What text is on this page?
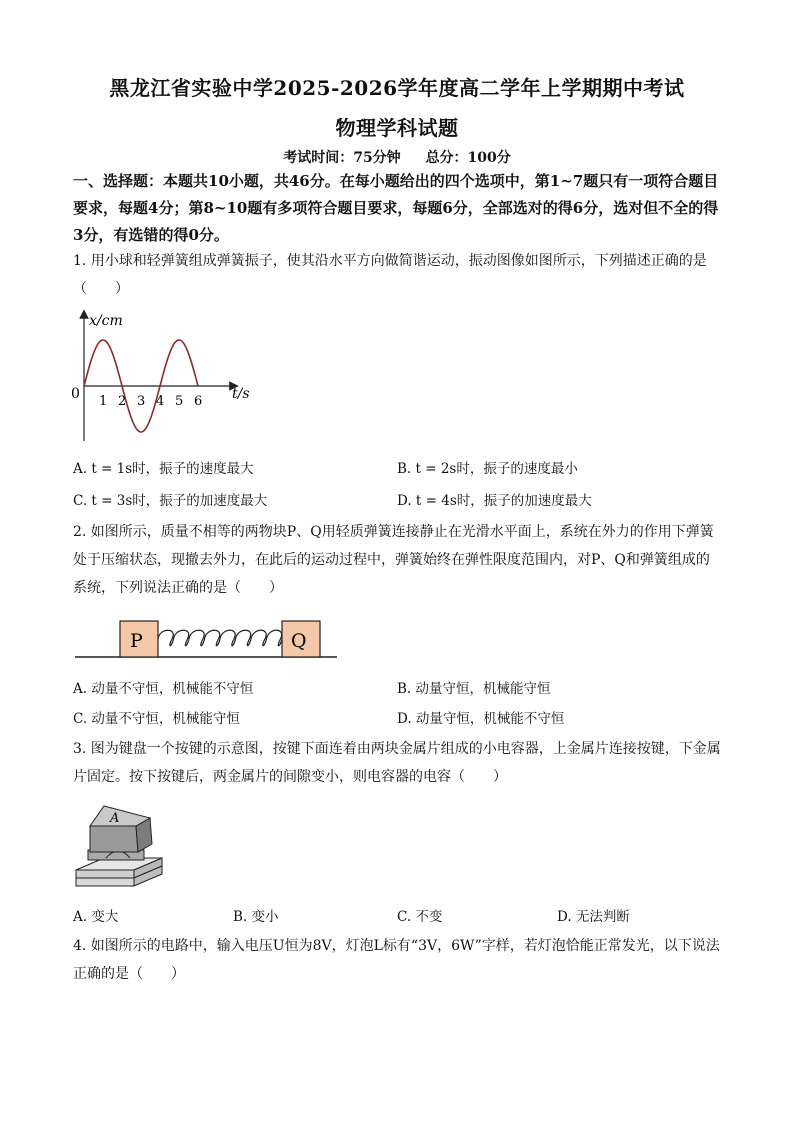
黑龙江省实验中学2025-2026学年度高二学年上学期期中考试
物理学科试题
考试时间：75分钟 总分：100分
一、选择题：本题共10小题，共46分。在每小题给出的四个选项中，第1~7题只有一项符合题目要求，每题4分；第8~10题有多项符合题目要求，每题6分，全部选对的得6分，选对但不全的得3分，有选错的得0分。
1. 用小球和轻弹簧组成弹簧振子，使其沿水平方向做简谐运动，振动图像如图所示，下列描述正确的是（　　）
x/cm
t/s
0 1 2 3 4 5 6
A. t = 1s时，振子的速度最大	B. t = 2s时，振子的速度最小
C. t = 3s时，振子的加速度最大	D. t = 4s时，振子的加速度最大
2. 如图所示，质量不相等的两物块P、Q用轻质弹簧连接静止在光滑水平面上，系统在外力的作用下弹簧处于压缩状态，现撤去外力，在此后的运动过程中，弹簧始终在弹性限度范围内，对P、Q和弹簧组成的系统，下列说法正确的是（　　）
P	Q
A. 动量不守恒，机械能不守恒	B. 动量守恒，机械能守恒
C. 动量不守恒，机械能守恒	D. 动量守恒，机械能不守恒
3. 图为键盘一个按键的示意图，按键下面连着由两块金属片组成的小电容器，上金属片连接按键，下金属片固定。按下按键后，两金属片的间隙变小，则电容器的电容（　　）
A
A. 变大	B. 变小	C. 不变	D. 无法判断
4. 如图所示的电路中，输入电压U恒为8V，灯泡L标有“3V，6W”字样，若灯泡恰能正常发光，以下说法正确的是（　　）
